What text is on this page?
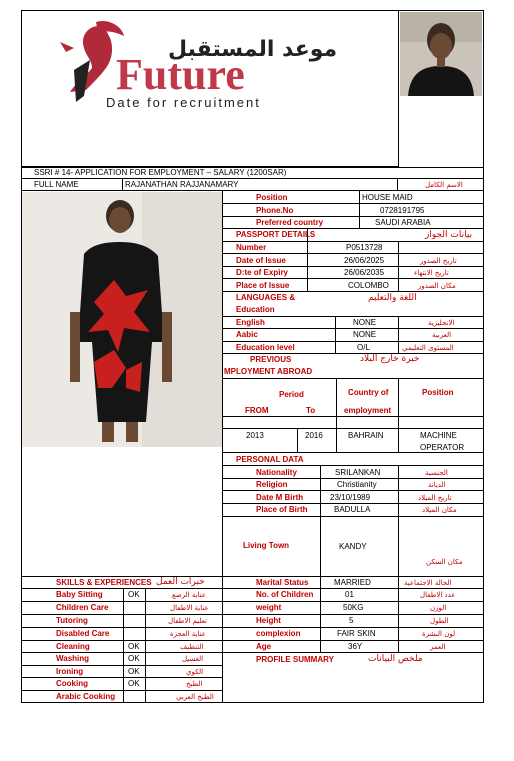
موعد المستقبل
Future
Date for recruitment
SSRI # 14- APPLICATION FOR EMPLOYMENT – SALARY (1200SAR)
FULL NAME	RAJANATHAN RAJJANAMARY	الاسم الكامل
Position	HOUSE MAID
Phone.No	0728191795
Preferred country	SAUDI ARABIA
PASSPORT DETAILS	بيانات الجواز
Number	P0513728
Date of Issue	26/06/2025	تاريخ الصدور
D:te of Expiry	26/06/2035	تاريخ الانتهاء
Place of Issue	COLOMBO	مكان الصدور
LANGUAGES &
Education
اللغة والتعليم
English	NONE	الانجليزية
Aabic	NONE	العربية
Education level	O/L	المستوى التعليمي
PREVIOUS
MPLOYMENT ABROAD
خبرة خارج البلاد
Period
FROM	To
Country of
employment
Position
2013	2016	BAHRAIN	MACHINE
OPERATOR
PERSONAL DATA
Nationality	SRILANKAN	الجنسية
Religion	Christianity	الديانة
Date M Birth	23/10/1989	تاريخ الميلاد
Place of Birth	BADULLA	مكان الميلاد
Living Town	KANDY
مكان السكن
SKILLS & EXPERIENCES خبرات العمل
Baby Sitting	OK	عناية الرضع
Children Care	عناية الاطفال
Tutoring	تعليم الاطفال
Disabled Care	عناية العجزة
Cleaning	OK	التنظيف
Washing	OK	الغسيل
Ironing	OK	الكوي
Cooking	OK	الطبخ
Arabic Cooking	الطبخ العربي
Marital Status	MARRIED	الحالة الاجتماعية
No. of Children	01	عدد الاطفال
weight	50KG	الوزن
Height	5	الطول
complexion	FAIR SKIN	لون البشرة
Age	36Y	العمر
PROFILE SUMMARY	ملخص البيانات
